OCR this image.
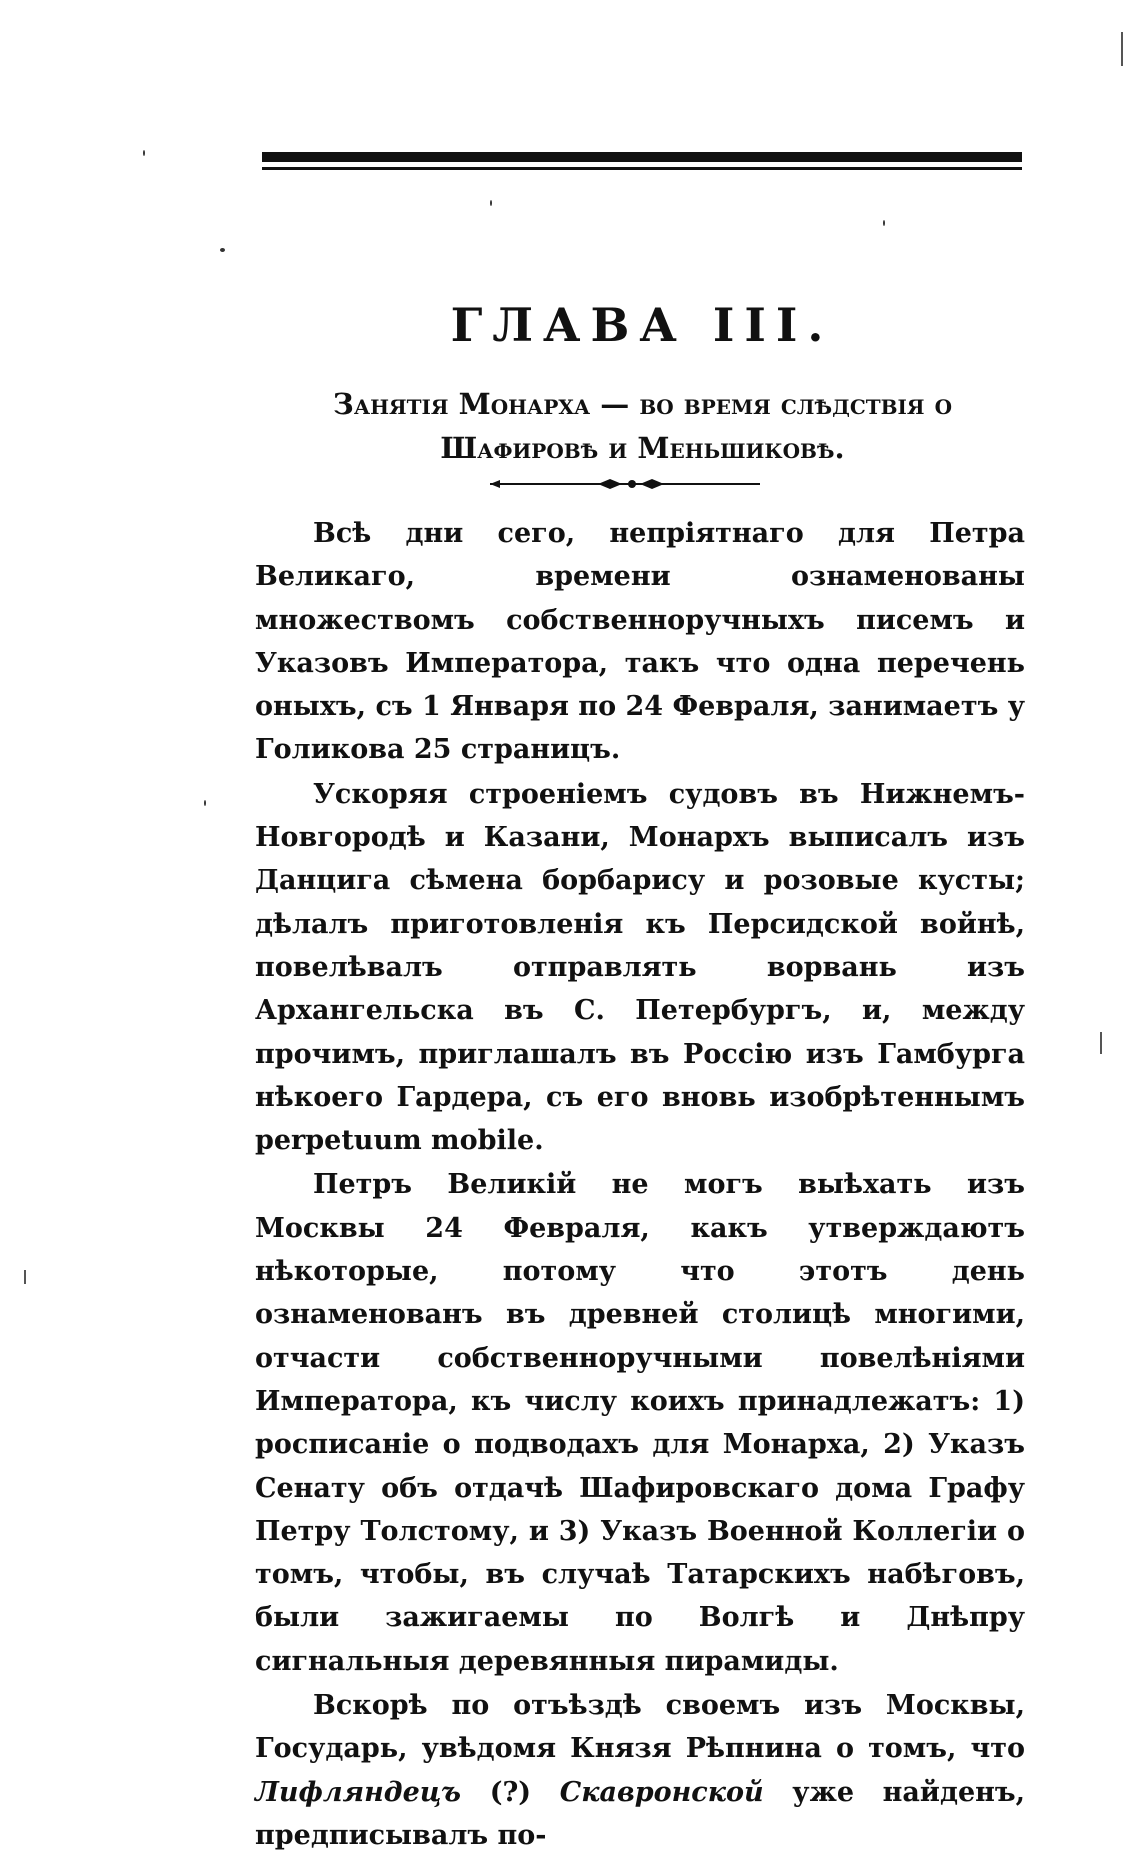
ГЛАВА III.
Занятія Монарха — во время слѣдствія о
Шафировѣ и Меньшиковѣ.

Всѣ дни сего, непріятнаго для Петра Великаго, времени ознаменованы множествомъ собственноручныхъ писемъ и Указовъ Императора, такъ что одна перечень оныхъ, съ 1 Января по 24 Февраля, занимаетъ у Голикова 25 страницъ.

Ускоряя строеніемъ судовъ въ Нижнемъ-Новгородѣ и Казани, Монархъ выписалъ изъ Данцига сѣмена борбарису и розовые кусты; дѣлалъ приготовленія къ Персидской войнѣ, повелѣвалъ отправлять ворвань изъ Архангельска въ С. Петербургъ, и, между прочимъ, приглашалъ въ Россію изъ Гамбурга нѣкоего Гардера, съ его вновь изобрѣтеннымъ perpetuum mobile.

Петръ Великій не могъ выѣхать изъ Москвы 24 Февраля, какъ утверждаютъ нѣкоторые, потому что этотъ день ознаменованъ въ древней столицѣ многими, отчасти собственноручными повелѣніями Императора, къ числу коихъ принадлежатъ: 1) росписаніе о подводахъ для Монарха, 2) Указъ Сенату объ отдачѣ Шафировскаго дома Графу Петру Толстому, и 3) Указъ Военной Коллегіи о томъ, чтобы, въ случаѣ Татарскихъ набѣговъ, были зажигаемы по Волгѣ и Днѣпру сигнальныя деревянныя пирамиды.

Вскорѣ по отъѣздѣ своемъ изъ Москвы, Государь, увѣдомя Князя Рѣпнина о томъ, что Лифляндецъ (?) Скавронской уже найденъ, предписывалъ по-
